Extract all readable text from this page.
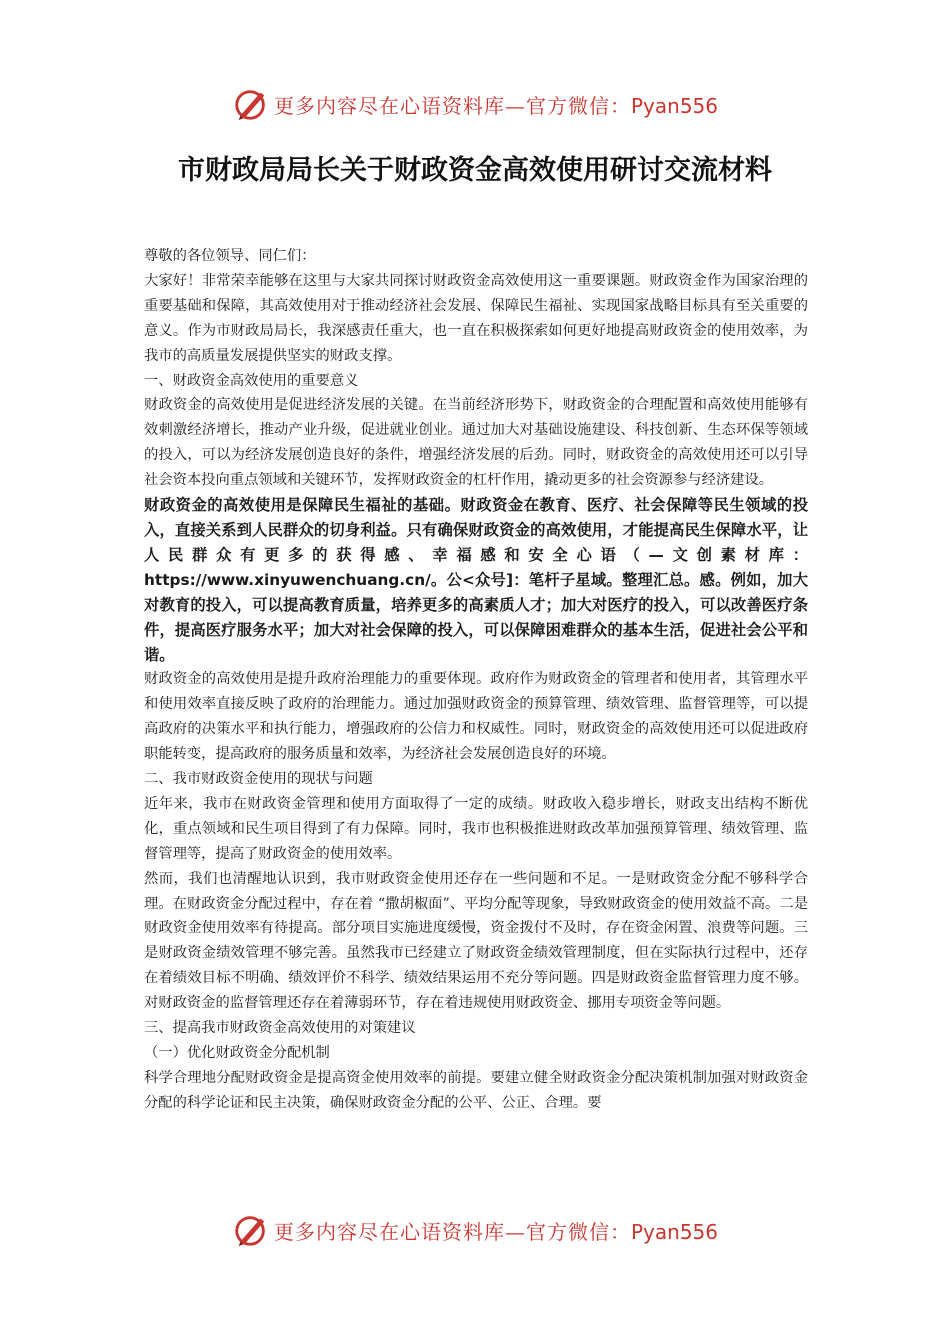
更多内容尽在心语资料库—官方微信：Pyan556
市财政局局长关于财政资金高效使用研讨交流材料

尊敬的各位领导、同仁们：

大家好！非常荣幸能够在这里与大家共同探讨财政资金高效使用这一重要课题。财政资金作为国家治理的重要基础和保障，其高效使用对于推动经济社会发展、保障民生福祉、实现国家战略目标具有至关重要的意义。作为市财政局局长，我深感责任重大，也一直在积极探索如何更好地提高财政资金的使用效率，为我市的高质量发展提供坚实的财政支撑。

一、财政资金高效使用的重要意义

财政资金的高效使用是促进经济发展的关键。在当前经济形势下，财政资金的合理配置和高效使用能够有效刺激经济增长，推动产业升级，促进就业创业。通过加大对基础设施建设、科技创新、生态环保等领域的投入，可以为经济发展创造良好的条件，增强经济发展的后劲。同时，财政资金的高效使用还可以引导社会资本投向重点领域和关键环节，发挥财政资金的杠杆作用，撬动更多的社会资源参与经济建设。

财政资金的高效使用是保障民生福祉的基础。财政资金在教育、医疗、社会保障等民生领域的投入，直接关系到人民群众的切身利益。只有确保财政资金的高效使用，才能提高民生保障水平，让人民群众有更多的获得感、幸福感和安全心语（—文创素材库：https://www.xinyuwenchuang.cn/。公<众号]：笔杆子星域。整理汇总。感。例如，加大对教育的投入，可以提高教育质量，培养更多的高素质人才；加大对医疗的投入，可以改善医疗条件，提高医疗服务水平；加大对社会保障的投入，可以保障困难群众的基本生活，促进社会公平和谐。

财政资金的高效使用是提升政府治理能力的重要体现。政府作为财政资金的管理者和使用者，其管理水平和使用效率直接反映了政府的治理能力。通过加强财政资金的预算管理、绩效管理、监督管理等，可以提高政府的决策水平和执行能力，增强政府的公信力和权威性。同时，财政资金的高效使用还可以促进政府职能转变，提高政府的服务质量和效率，为经济社会发展创造良好的环境。

二、我市财政资金使用的现状与问题

近年来，我市在财政资金管理和使用方面取得了一定的成绩。财政收入稳步增长，财政支出结构不断优化，重点领域和民生项目得到了有力保障。同时，我市也积极推进财政改革加强预算管理、绩效管理、监督管理等，提高了财政资金的使用效率。

然而，我们也清醒地认识到，我市财政资金使用还存在一些问题和不足。一是财政资金分配不够科学合理。在财政资金分配过程中，存在着 “撒胡椒面”、平均分配等现象，导致财政资金的使用效益不高。二是财政资金使用效率有待提高。部分项目实施进度缓慢，资金拨付不及时，存在资金闲置、浪费等问题。三是财政资金绩效管理不够完善。虽然我市已经建立了财政资金绩效管理制度，但在实际执行过程中，还存在着绩效目标不明确、绩效评价不科学、绩效结果运用不充分等问题。四是财政资金监督管理力度不够。对财政资金的监督管理还存在着薄弱环节，存在着违规使用财政资金、挪用专项资金等问题。

三、提高我市财政资金高效使用的对策建议

（一）优化财政资金分配机制

科学合理地分配财政资金是提高资金使用效率的前提。要建立健全财政资金分配决策机制加强对财政资金分配的科学论证和民主决策，确保财政资金分配的公平、公正、合理。要

更多内容尽在心语资料库—官方微信：Pyan556
